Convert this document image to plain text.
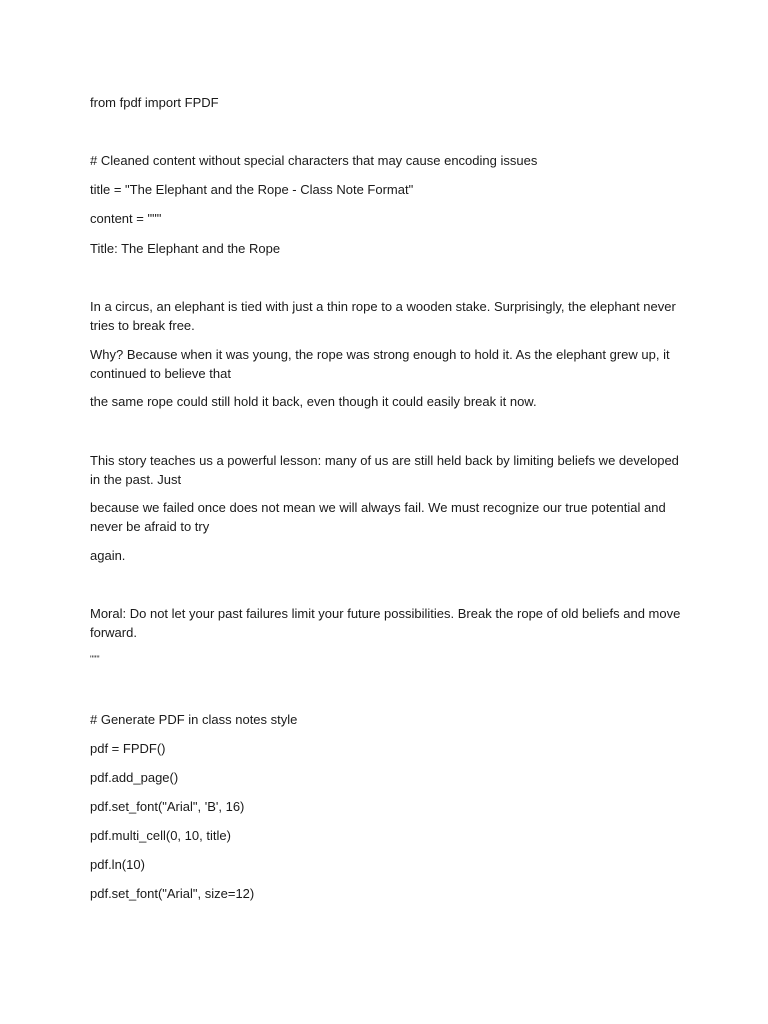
from fpdf import FPDF

# Cleaned content without special characters that may cause encoding issues

title = "The Elephant and the Rope - Class Note Format"

content = """

Title: The Elephant and the Rope

In a circus, an elephant is tied with just a thin rope to a wooden stake. Surprisingly, the elephant never tries to break free.

Why? Because when it was young, the rope was strong enough to hold it. As the elephant grew up, it continued to believe that

the same rope could still hold it back, even though it could easily break it now.

This story teaches us a powerful lesson: many of us are still held back by limiting beliefs we developed in the past. Just

because we failed once does not mean we will always fail. We must recognize our true potential and never be afraid to try

again.

Moral: Do not let your past failures limit your future possibilities. Break the rope of old beliefs and move forward.

"""

# Generate PDF in class notes style

pdf = FPDF()

pdf.add_page()

pdf.set_font("Arial", 'B', 16)

pdf.multi_cell(0, 10, title)

pdf.ln(10)

pdf.set_font("Arial", size=12)
